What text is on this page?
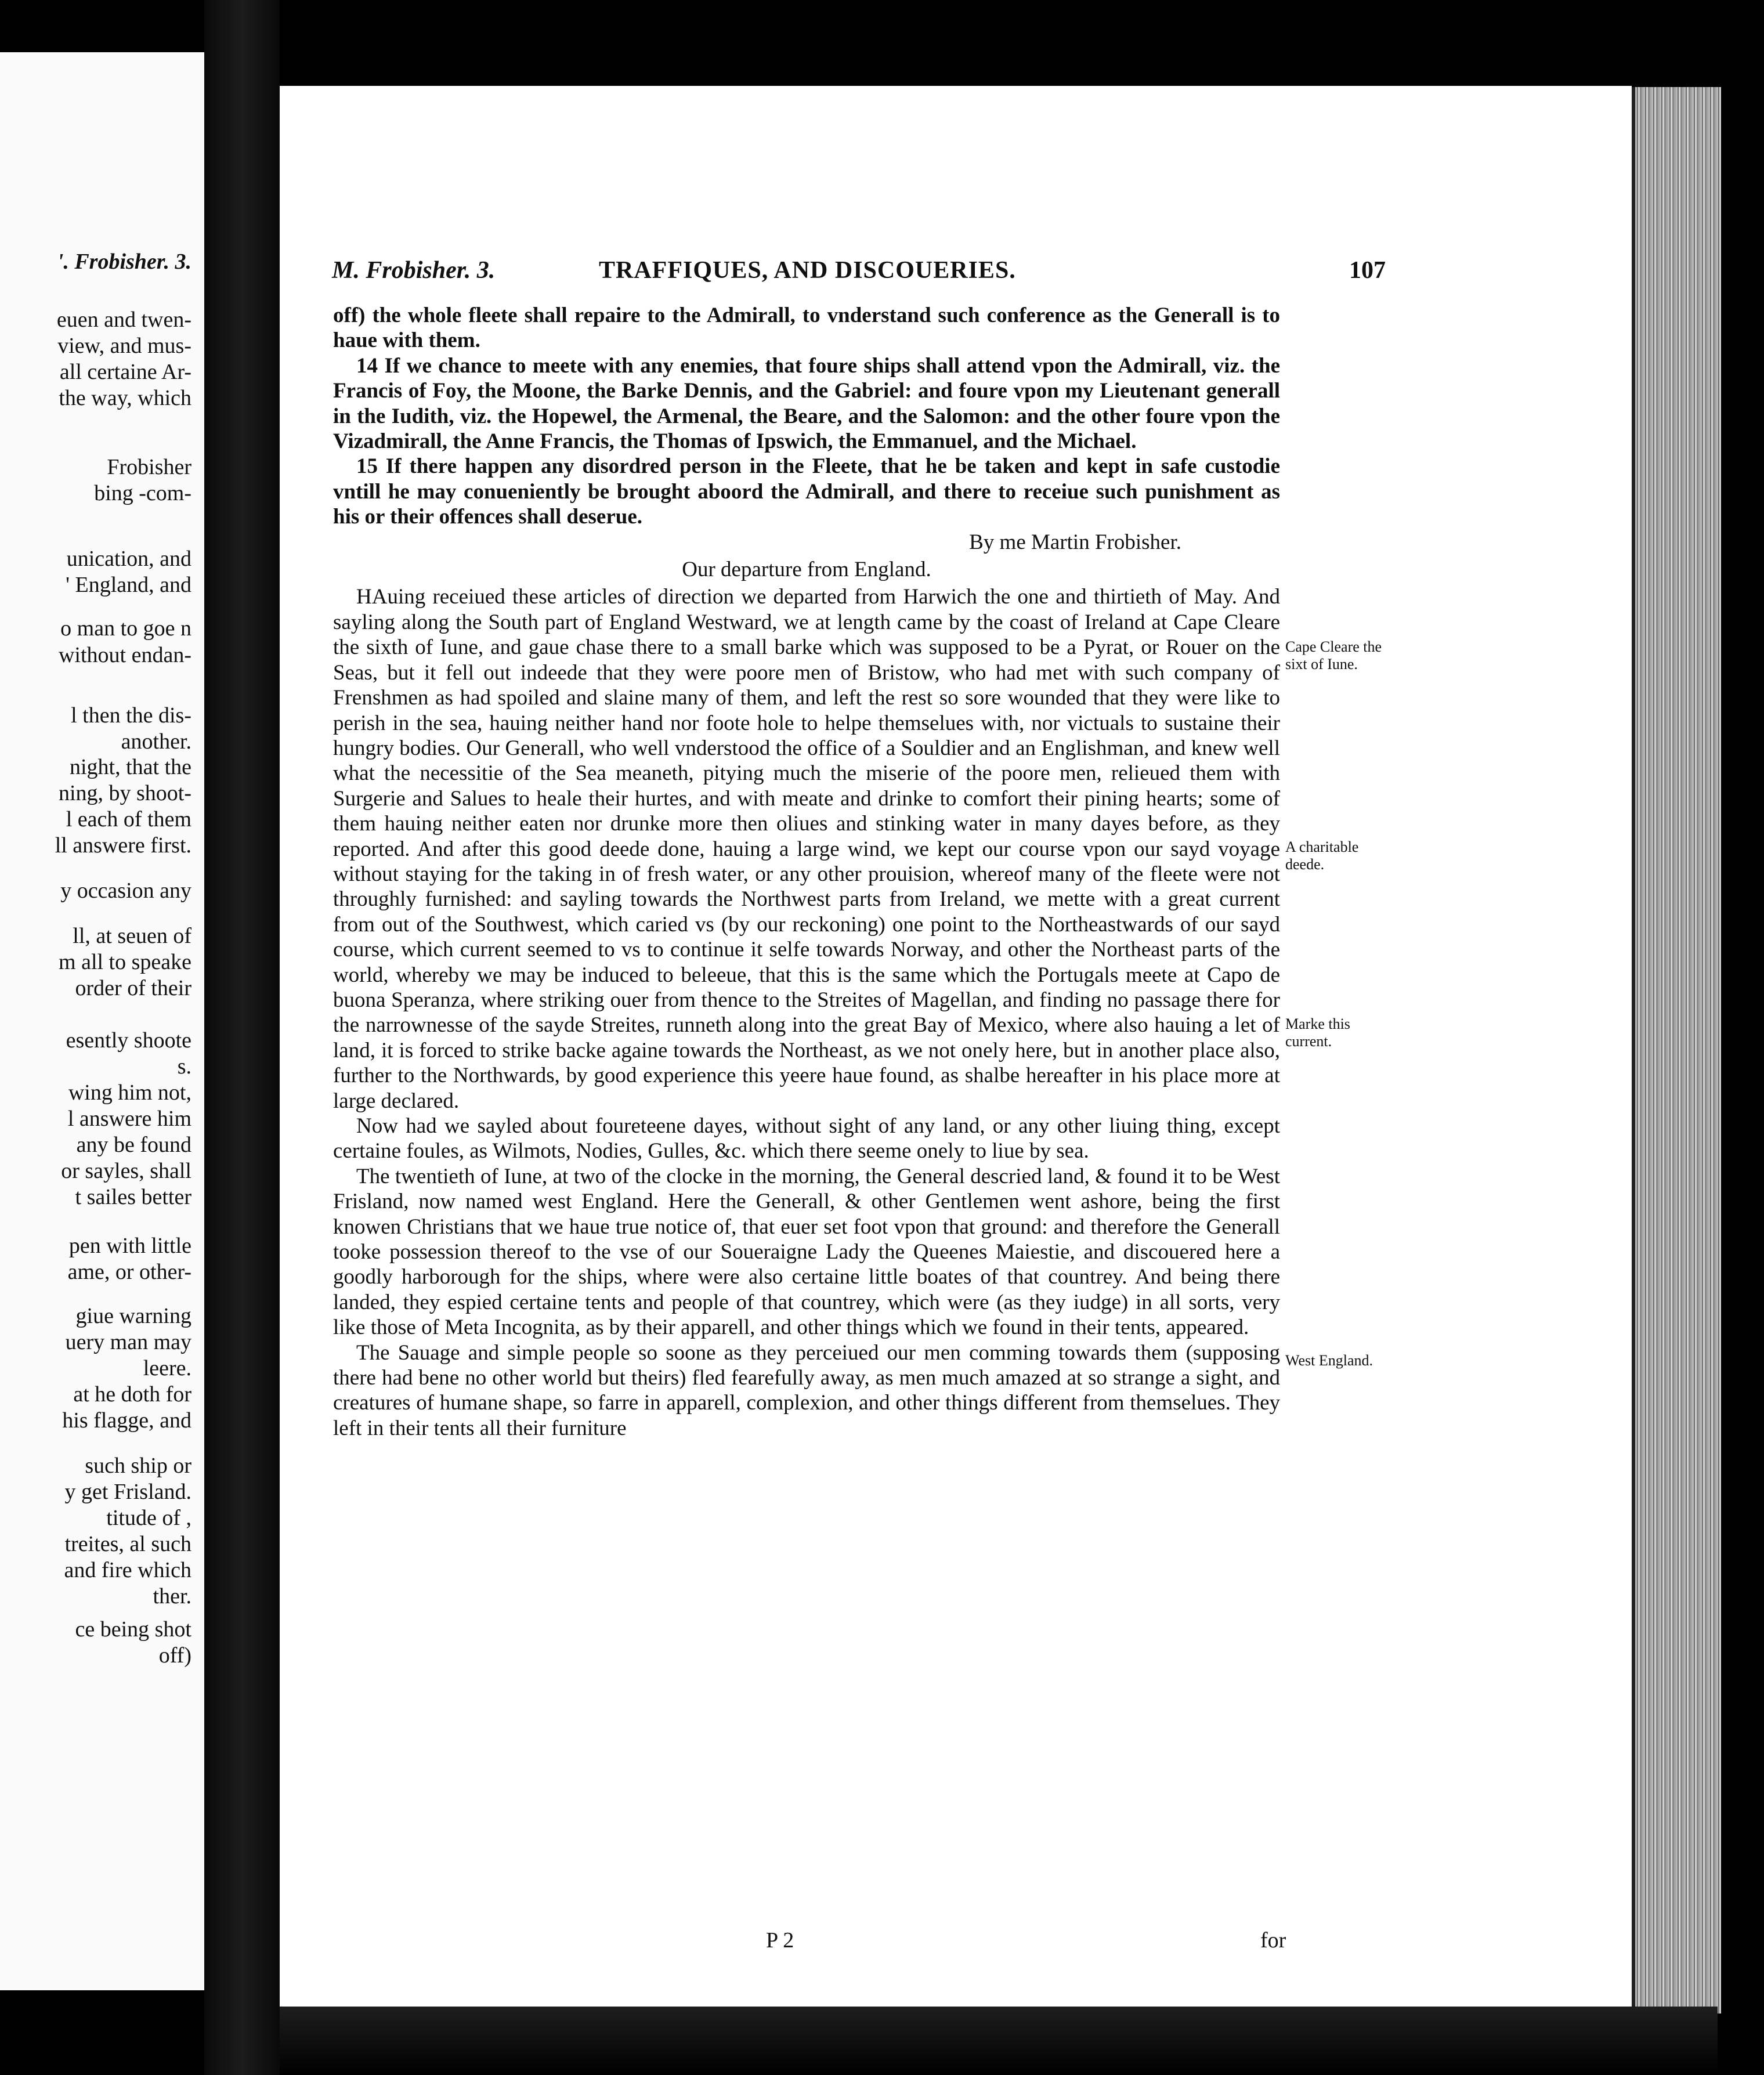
'. Frobisher. 3.
euen and twen-
view, and mus-
all certaine Ar-
the way, which
Frobisher
bing -com-
unication, and
' England, and
o man to goe n
without endan-
l then the dis-
another.
night, that the
ning, by shoot-
l each of them
ll answere first.
y occasion any
ll, at seuen of
m all to speake
order of their
esently shoote
s.
wing him not,
l answere him
any be found
or sayles, shall
t sailes better
pen with little
ame, or other-
giue warning
uery man may
leere.
at he doth for
his flagge, and
such ship or
y get Frisland.
titude of ,
treites, al such
and fire which
ther.
ce being shot
off)
M. Frobisher. 3.	TRAFFIQUES, AND DISCOUERIES.	107

off) the whole fleete shall repaire to the Admirall, to vnderstand such conference as the Generall is to haue with them.

14 If we chance to meete with any enemies, that foure ships shall attend vpon the Admirall, viz. the Francis of Foy, the Moone, the Barke Dennis, and the Gabriel: and foure vpon my Lieutenant generall in the Iudith, viz. the Hopewel, the Armenal, the Beare, and the Salomon: and the other foure vpon the Vizadmirall, the Anne Francis, the Thomas of Ipswich, the Emmanuel, and the Michael.

15 If there happen any disordred person in the Fleete, that he be taken and kept in safe custodie vntill he may conueniently be brought aboord the Admirall, and there to receiue such punishment as his or their offences shall deserue.

By me Martin Frobisher.

Our departure from England.

HAuing receiued these articles of direction we departed from Harwich the one and thirtieth of May. And sayling along the South part of England Westward, we at length came by the coast of Ireland at Cape Cleare the sixth of Iune, and gaue chase there to a small barke which was supposed to be a Pyrat, or Rouer on the Seas, but it fell out indeede that they were poore men of Bristow, who had met with such company of Frenshmen as had spoiled and slaine many of them, and left the rest so sore wounded that they were like to perish in the sea, hauing neither hand nor foote hole to helpe themselues with, nor victuals to sustaine their hungry bodies. Our Generall, who well vnderstood the office of a Souldier and an Englishman, and knew well what the necessitie of the Sea meaneth, pitying much the miserie of the poore men, relieued them with Surgerie and Salues to heale their hurtes, and with meate and drinke to comfort their pining hearts; some of them hauing neither eaten nor drunke more then oliues and stinking water in many dayes before, as they reported. And after this good deede done, hauing a large wind, we kept our course vpon our sayd voyage without staying for the taking in of fresh water, or any other prouision, whereof many of the fleete were not throughly furnished: and sayling towards the Northwest parts from Ireland, we mette with a great current from out of the Southwest, which caried vs (by our reckoning) one point to the Northeastwards of our sayd course, which current seemed to vs to continue it selfe towards Norway, and other the Northeast parts of the world, whereby we may be induced to beleeue, that this is the same which the Portugals meete at Capo de buona Speranza, where striking ouer from thence to the Streites of Magellan, and finding no passage there for the narrownesse of the sayde Streites, runneth along into the great Bay of Mexico, where also hauing a let of land, it is forced to strike backe againe towards the Northeast, as we not onely here, but in another place also, further to the Northwards, by good experience this yeere haue found, as shalbe hereafter in his place more at large declared.

Now had we sayled about foureteene dayes, without sight of any land, or any other liuing thing, except certaine foules, as Wilmots, Nodies, Gulles, &c. which there seeme onely to liue by sea.

The twentieth of Iune, at two of the clocke in the morning, the General descried land, & found it to be West Frisland, now named west England. Here the Generall, & other Gentlemen went ashore, being the first knowen Christians that we haue true notice of, that euer set foot vpon that ground: and therefore the Generall tooke possession thereof to the vse of our Soueraigne Lady the Queenes Maiestie, and discouered here a goodly harborough for the ships, where were also certaine little boates of that countrey. And being there landed, they espied certaine tents and people of that countrey, which were (as they iudge) in all sorts, very like those of Meta Incognita, as by their apparell, and other things which we found in their tents, appeared.

The Sauage and simple people so soone as they perceiued our men comming towards them (supposing there had bene no other world but theirs) fled fearefully away, as men much amazed at so strange a sight, and creatures of humane shape, so farre in apparell, complexion, and other things different from themselues. They left in their tents all their furniture

Cape Cleare the sixt of Iune.
A charitable deede.
Marke this current.
West England.
P 2	for
